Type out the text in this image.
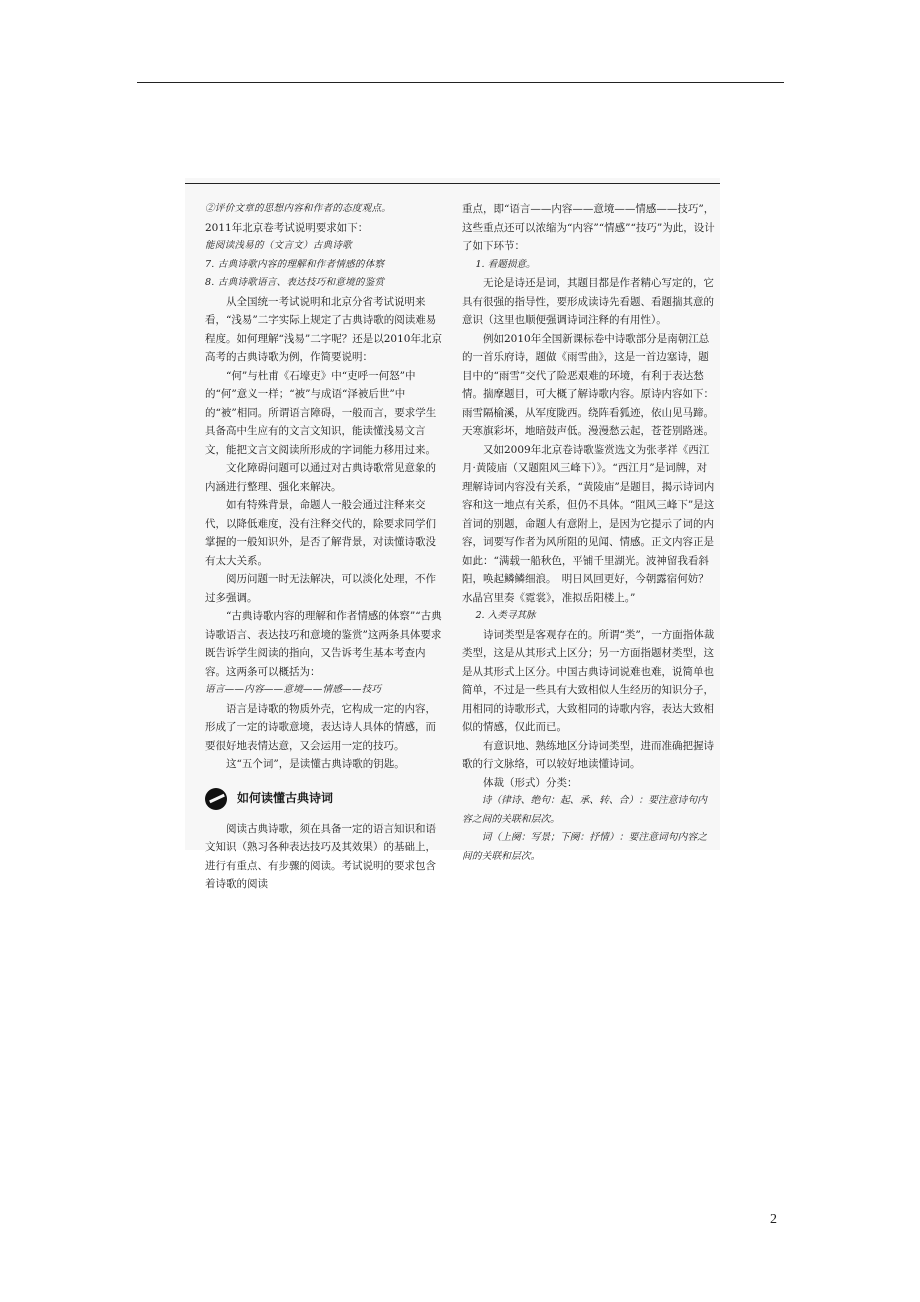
②评价文章的思想内容和作者的态度观点。

2011年北京卷考试说明要求如下：

能阅读浅易的（文言文）古典诗歌

7. 古典诗歌内容的理解和作者情感的体察

8. 古典诗歌语言、表达技巧和意境的鉴赏

从全国统一考试说明和北京分省考试说明来看，“浅易”二字实际上规定了古典诗歌的阅读难易程度。如何理解“浅易”二字呢？还是以2010年北京高考的古典诗歌为例，作简要说明：

“何”与杜甫《石壕吏》中“吏呼一何怒”中的“何”意义一样；“被”与成语“泽被后世”中的“被”相同。所谓语言障碍，一般而言，要求学生具备高中生应有的文言文知识，能读懂浅易文言文，能把文言文阅读所形成的字词能力移用过来。

文化障碍问题可以通过对古典诗歌常见意象的内涵进行整理、强化来解决。

如有特殊背景，命题人一般会通过注释来交代，以降低难度，没有注释交代的，除要求同学们掌握的一般知识外，是否了解背景，对读懂诗歌没有太大关系。

阅历问题一时无法解决，可以淡化处理，不作过多强调。

“古典诗歌内容的理解和作者情感的体察”“古典诗歌语言、表达技巧和意境的鉴赏”这两条具体要求既告诉学生阅读的指向，又告诉考生基本考查内容。这两条可以概括为：

语言——内容——意境——情感——技巧

语言是诗歌的物质外壳，它构成一定的内容，形成了一定的诗歌意境，表达诗人具体的情感，而要很好地表情达意，又会运用一定的技巧。

这“五个词”，是读懂古典诗歌的钥匙。

如何读懂古典诗词

阅读古典诗歌，须在具备一定的语言知识和语文知识（熟习各种表达技巧及其效果）的基础上，进行有重点、有步骤的阅读。考试说明的要求包含着诗歌的阅读

重点，即“语言——内容——意境——情感——技巧”，这些重点还可以浓缩为“内容”“情感”“技巧”为此，设计了如下环节：

1. 看题损意。

无论是诗还是词，其题目都是作者精心写定的，它具有很强的指导性，要形成读诗先看题、看题揣其意的意识（这里也顺便强调诗词注释的有用性）。

例如2010年全国新课标卷中诗歌部分是南朝江总的一首乐府诗，题做《雨雪曲》，这是一首边塞诗，题目中的“雨雪”交代了险恶艰难的环境，有利于表达愁情。揣摩题目，可大概了解诗歌内容。原诗内容如下：雨雪隔榆溪，从军度陇西。绕阵看狐迹，依山见马蹄。天寒旗彩坏，地暗鼓声低。漫漫愁云起，苍苍别路迷。

又如2009年北京卷诗歌鉴赏选文为张孝祥《西江月·黄陵庙（又题阻风三峰下）》。“西江月”是词牌，对理解诗词内容没有关系，“黄陵庙”是题目，揭示诗词内容和这一地点有关系，但仍不具体。“阻风三峰下”是这首词的别题，命题人有意附上，是因为它提示了词的内容，词要写作者为风所阻的见闻、情感。正文内容正是如此：“满载一船秋色，平铺千里湖光。波神留我看斜阳，唤起鳞鳞细浪。　明日风回更好，今朝露宿何妨？水晶宫里奏《霓裳》，准拟岳阳楼上。”

2. 入类寻其脉

诗词类型是客观存在的。所谓“类”，一方面指体裁类型，这是从其形式上区分；另一方面指题材类型，这是从其形式上区分。中国古典诗词说难也难，说简单也简单，不过是一些具有大致相似人生经历的知识分子，用相同的诗歌形式，大致相同的诗歌内容，表达大致相似的情感，仅此而已。

有意识地、熟练地区分诗词类型，进而准确把握诗歌的行文脉络，可以较好地读懂诗词。

体裁（形式）分类：

诗（律诗、绝句：起、承、转、合）：要注意诗句内容之间的关联和层次。

词（上阕：写景；下阕：抒情）：要注意词句内容之间的关联和层次。

2
